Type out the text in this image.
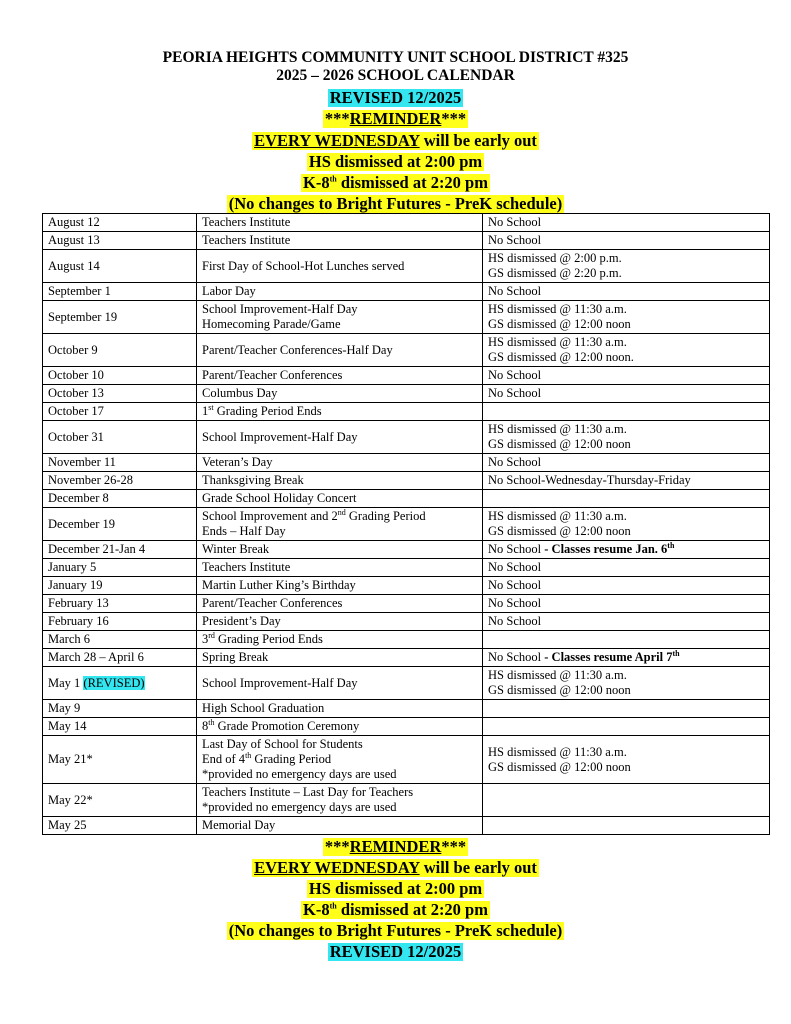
PEORIA HEIGHTS COMMUNITY UNIT SCHOOL DISTRICT #325
2025 – 2026 SCHOOL CALENDAR
REVISED 12/2025
***REMINDER***
EVERY WEDNESDAY will be early out
HS dismissed at 2:00 pm
K-8th dismissed at 2:20 pm
(No changes to Bright Futures - PreK schedule)
August 12	Teachers Institute	No School
August 13	Teachers Institute	No School
August 14	First Day of School-Hot Lunches served	HS dismissed @ 2:00 p.m.
GS dismissed @ 2:20 p.m.
September 1	Labor Day	No School
September 19	School Improvement-Half Day
Homecoming Parade/Game	HS dismissed @ 11:30 a.m.
GS dismissed @ 12:00 noon
October 9	Parent/Teacher Conferences-Half Day	HS dismissed @ 11:30 a.m.
GS dismissed @ 12:00 noon.
October 10	Parent/Teacher Conferences	No School
October 13	Columbus Day	No School
October 17	1st Grading Period Ends	
October 31	School Improvement-Half Day	HS dismissed @ 11:30 a.m.
GS dismissed @ 12:00 noon
November 11	Veteran’s Day	No School
November 26-28	Thanksgiving Break	No School-Wednesday-Thursday-Friday
December 8	Grade School Holiday Concert	
December 19	School Improvement and 2nd Grading Period
Ends – Half Day	HS dismissed @ 11:30 a.m.
GS dismissed @ 12:00 noon
December 21-Jan 4	Winter Break	No School - Classes resume Jan. 6th
January 5	Teachers Institute	No School
January 19	Martin Luther King’s Birthday	No School
February 13	Parent/Teacher Conferences	No School
February 16	President’s Day	No School
March 6	3rd Grading Period Ends	
March 28 – April 6	Spring Break	No School - Classes resume April 7th
May 1 (REVISED)	School Improvement-Half Day	HS dismissed @ 11:30 a.m.
GS dismissed @ 12:00 noon
May 9	High School Graduation	
May 14	8th Grade Promotion Ceremony	
May 21*	Last Day of School for Students
End of 4th Grading Period
*provided no emergency days are used	HS dismissed @ 11:30 a.m.
GS dismissed @ 12:00 noon
May 22*	Teachers Institute – Last Day for Teachers
*provided no emergency days are used	
May 25	Memorial Day	
***REMINDER***
EVERY WEDNESDAY will be early out
HS dismissed at 2:00 pm
K-8th dismissed at 2:20 pm
(No changes to Bright Futures - PreK schedule)
REVISED 12/2025
